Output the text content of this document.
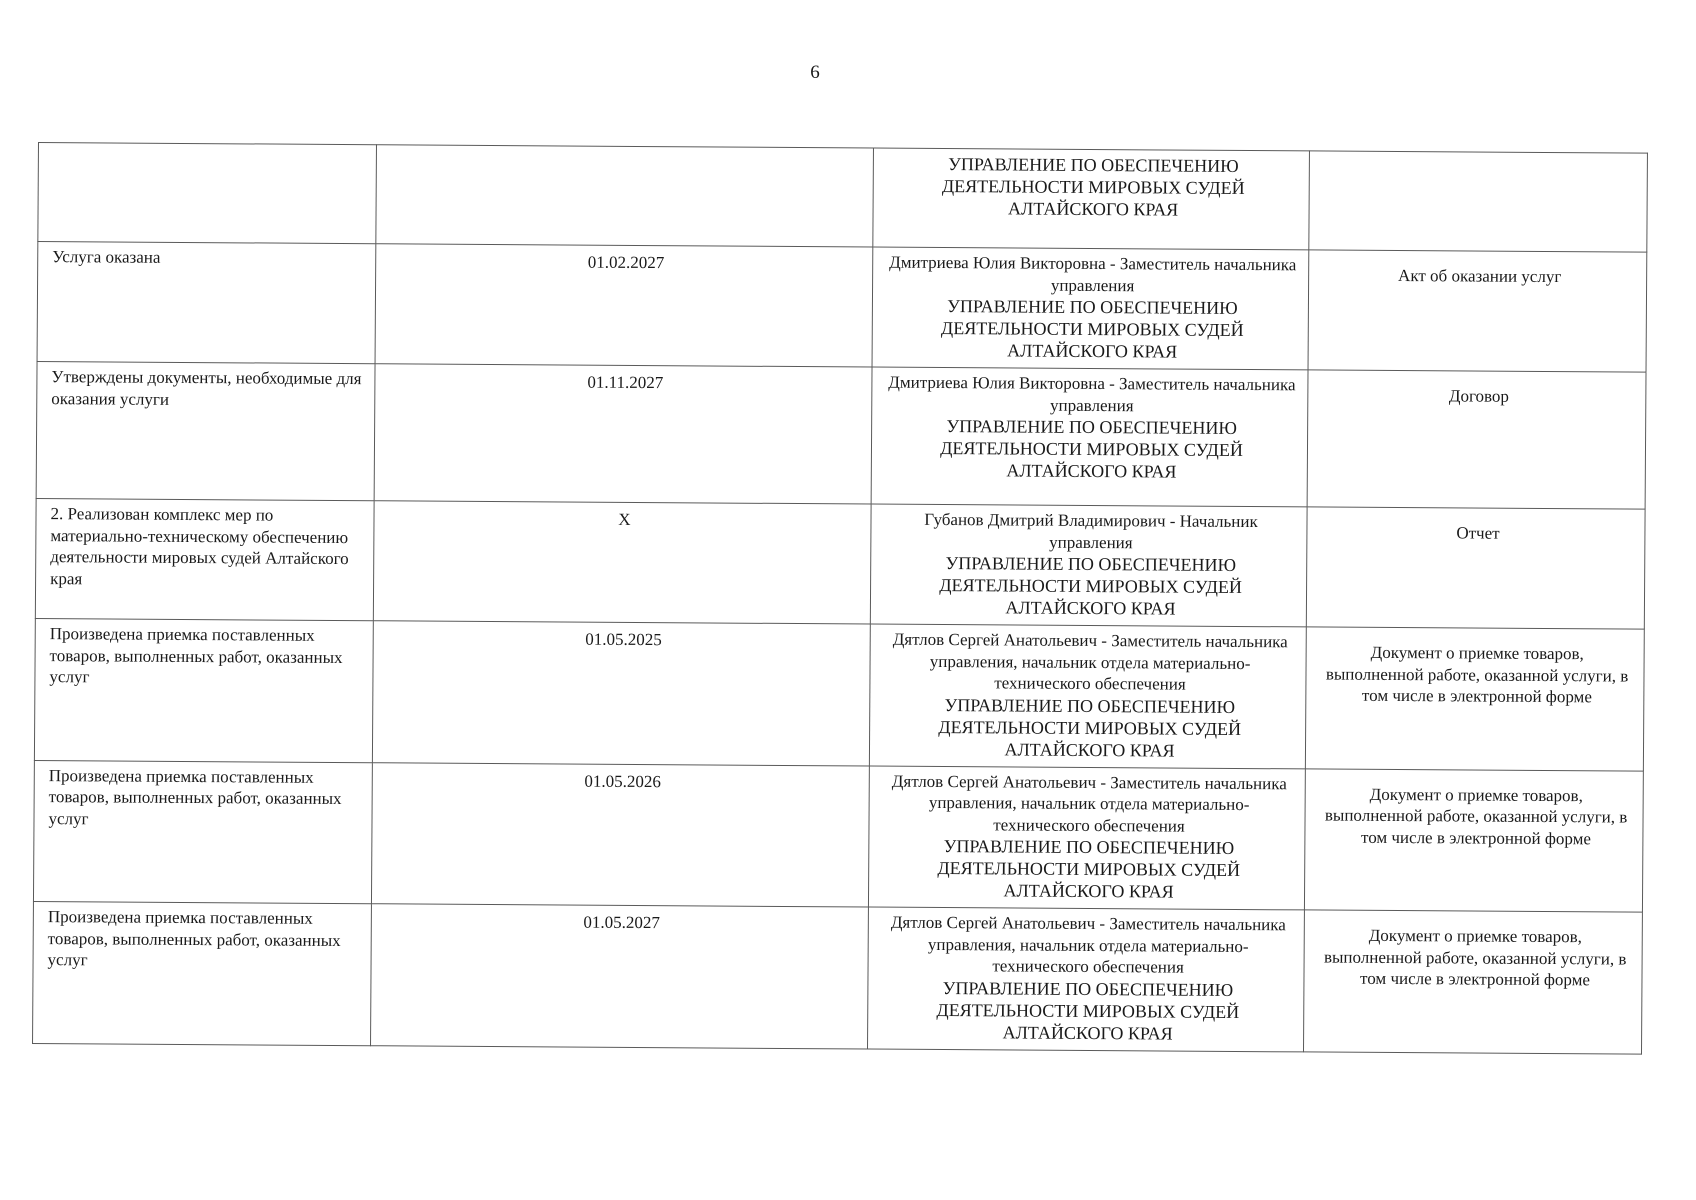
6

		УПРАВЛЕНИЕ ПО ОБЕСПЕЧЕНИЮ ДЕЯТЕЛЬНОСТИ МИРОВЫХ СУДЕЙ АЛТАЙСКОГО КРАЯ	

Услуга оказана	01.02.2027	Дмитриева Юлия Викторовна - Заместитель начальника управления
УПРАВЛЕНИЕ ПО ОБЕСПЕЧЕНИЮ ДЕЯТЕЛЬНОСТИ МИРОВЫХ СУДЕЙ АЛТАЙСКОГО КРАЯ	Акт об оказании услуг
Утверждены документы, необходимые для оказания услуги	01.11.2027	Дмитриева Юлия Викторовна - Заместитель начальника управления
УПРАВЛЕНИЕ ПО ОБЕСПЕЧЕНИЮ ДЕЯТЕЛЬНОСТИ МИРОВЫХ СУДЕЙ АЛТАЙСКОГО КРАЯ	Договор
2. Реализован комплекс мер по материально-техническому обеспечению деятельности мировых судей Алтайского края	X	Губанов Дмитрий Владимирович - Начальник управления
УПРАВЛЕНИЕ ПО ОБЕСПЕЧЕНИЮ ДЕЯТЕЛЬНОСТИ МИРОВЫХ СУДЕЙ АЛТАЙСКОГО КРАЯ	Отчет
Произведена приемка поставленных товаров, выполненных работ, оказанных услуг	01.05.2025	Дятлов Сергей Анатольевич - Заместитель начальника управления, начальник отдела материально-технического обеспечения
УПРАВЛЕНИЕ ПО ОБЕСПЕЧЕНИЮ ДЕЯТЕЛЬНОСТИ МИРОВЫХ СУДЕЙ АЛТАЙСКОГО КРАЯ	Документ о приемке товаров, выполненной работе, оказанной услуги, в том числе в электронной форме
Произведена приемка поставленных товаров, выполненных работ, оказанных услуг	01.05.2026	Дятлов Сергей Анатольевич - Заместитель начальника управления, начальник отдела материально-технического обеспечения
УПРАВЛЕНИЕ ПО ОБЕСПЕЧЕНИЮ ДЕЯТЕЛЬНОСТИ МИРОВЫХ СУДЕЙ АЛТАЙСКОГО КРАЯ	Документ о приемке товаров, выполненной работе, оказанной услуги, в том числе в электронной форме
Произведена приемка поставленных товаров, выполненных работ, оказанных услуг	01.05.2027	Дятлов Сергей Анатольевич - Заместитель начальника управления, начальник отдела материально-технического обеспечения
УПРАВЛЕНИЕ ПО ОБЕСПЕЧЕНИЮ ДЕЯТЕЛЬНОСТИ МИРОВЫХ СУДЕЙ АЛТАЙСКОГО КРАЯ	Документ о приемке товаров, выполненной работе, оказанной услуги, в том числе в электронной форме
